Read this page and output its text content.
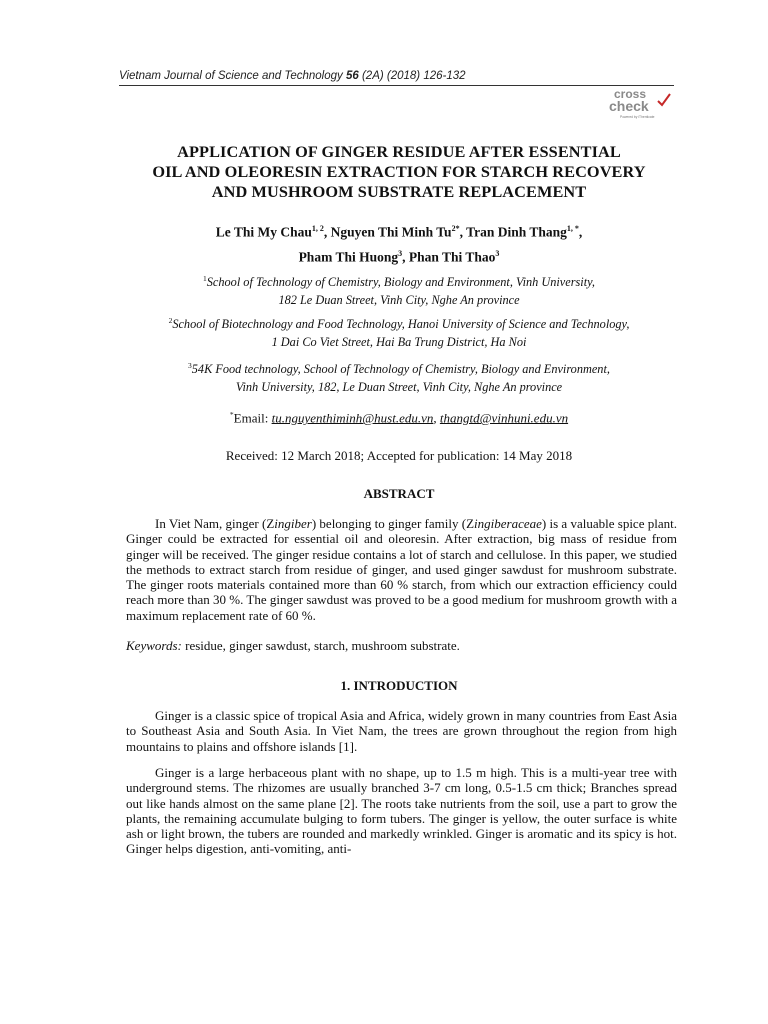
Vietnam Journal of Science and Technology 56 (2A) (2018) 126-132
cross
check
Powered by iThenticate
APPLICATION OF GINGER RESIDUE AFTER ESSENTIAL
OIL AND OLEORESIN EXTRACTION FOR STARCH RECOVERY
AND MUSHROOM SUBSTRATE REPLACEMENT
Le Thi My Chau$^{1, 2}$, Nguyen Thi Minh $Tu^{2*}$, Tran Dinh Thang$^{1, *}$,
Pham Thi Huong$^3$, Phan Thi Thao$^3$
$^1$School of Technology of Chemistry, Biology and Environment, Vinh University,
182 Le Duan Street, Vinh City, Nghe An province
$^2$School of Biotechnology and Food Technology, Hanoi University of Science and Technology,
1 Dai Co Viet Street, Hai Ba Trung District, Ha Noi
$^3$54K Food technology, School of Technology of Chemistry, Biology and Environment,
Vinh University, 182, Le Duan Street, Vinh City, Nghe An province
*Email: tu.nguyenthiminh@hust.edu.vn, thangtd@vinhuni.edu.vn
Received: 12 March 2018; Accepted for publication: 14 May 2018
ABSTRACT
In Viet Nam, ginger (Zingiber) belonging to ginger family (Zingiberaceae) is a valuable spice plant. Ginger could be extracted for essential oil and oleoresin. After extraction, big mass of residue from ginger will be received. The ginger residue contains a lot of starch and cellulose. In this paper, we studied the methods to extract starch from residue of ginger, and used ginger sawdust for mushroom substrate. The ginger roots materials contained more than 60 % starch, from which our extraction efficiency could reach more than 30 %. The ginger sawdust was proved to be a good medium for mushroom growth with a maximum replacement rate of 60 %.
Keywords: residue, ginger sawdust, starch, mushroom substrate.
1. INTRODUCTION
Ginger is a classic spice of tropical Asia and Africa, widely grown in many countries from East Asia to Southeast Asia and South Asia. In Viet Nam, the trees are grown throughout the region from high mountains to plains and offshore islands [1].
Ginger is a large herbaceous plant with no shape, up to 1.5 m high. This is a multi-year tree with underground stems. The rhizomes are usually branched 3-7 cm long, 0.5-1.5 cm thick; Branches spread out like hands almost on the same plane [2]. The roots take nutrients from the soil, use a part to grow the plants, the remaining accumulate bulging to form tubers. The ginger is yellow, the outer surface is white ash or light brown, the tubers are rounded and markedly wrinkled. Ginger is aromatic and its spicy is hot. Ginger helps digestion, anti-vomiting, anti-
